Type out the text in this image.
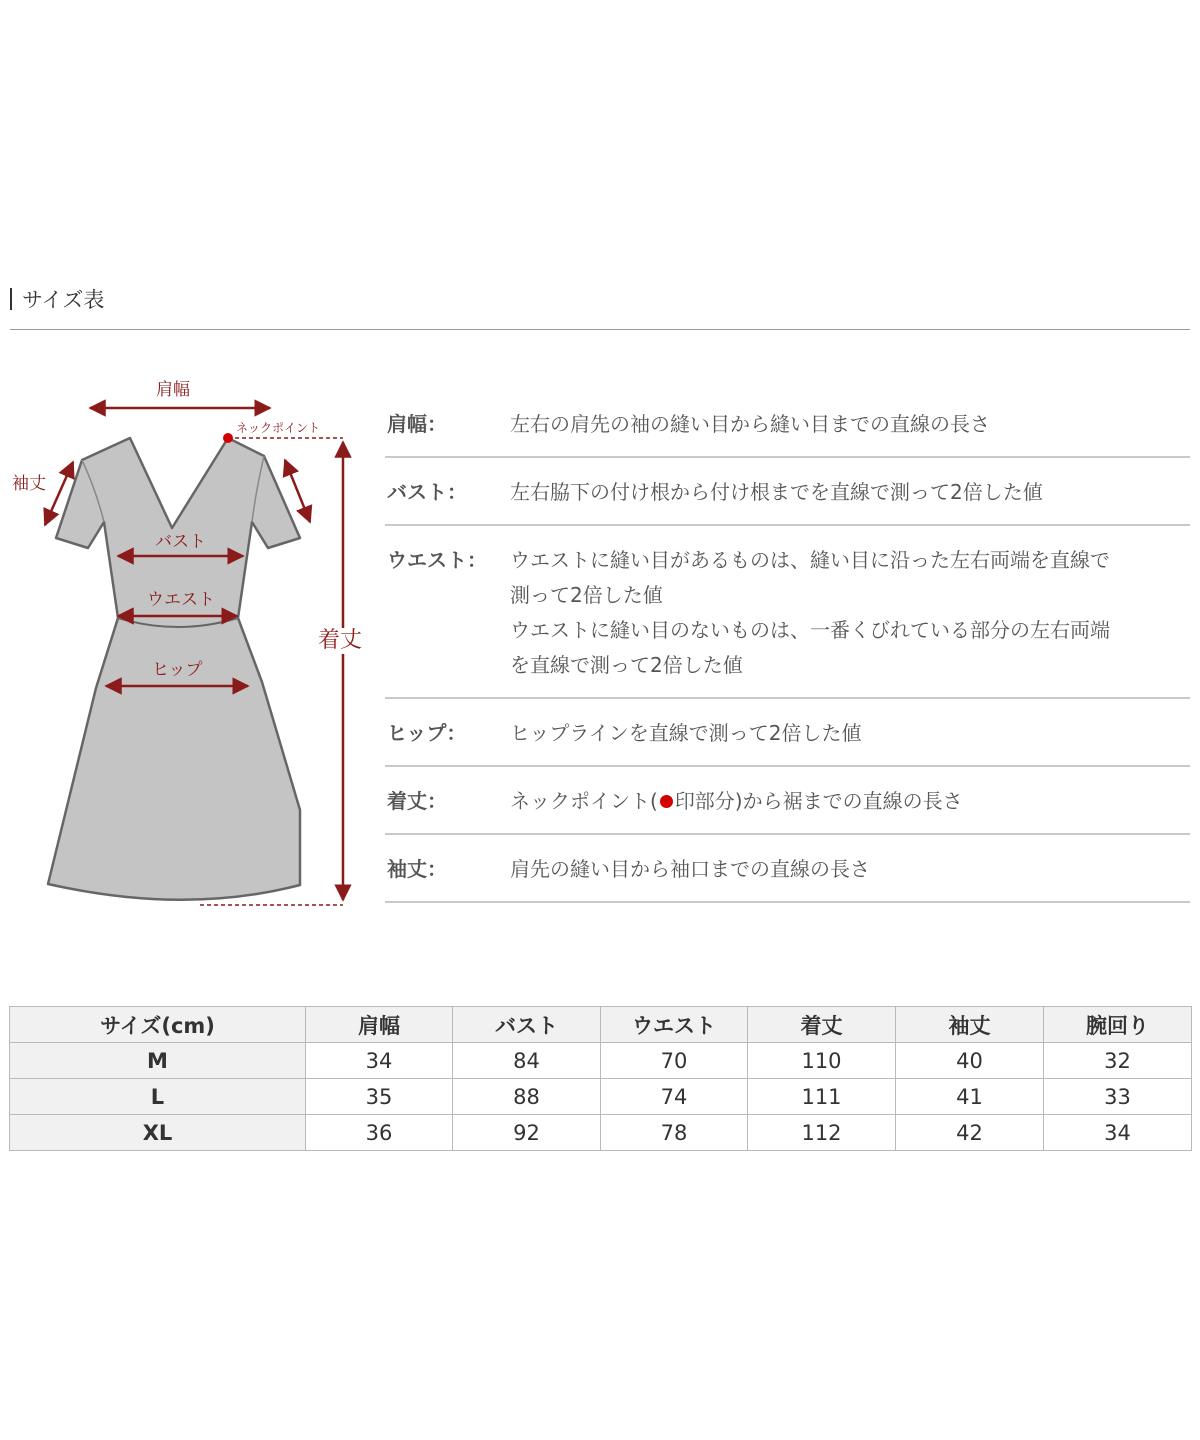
サイズ表
肩幅
ネックポイント
袖丈
バスト
ウエスト
ヒップ
着丈
肩幅：	左右の肩先の袖の縫い目から縫い目までの直線の長さ
バスト：	左右脇下の付け根から付け根までを直線で測って2倍した値
ウエスト：	ウエストに縫い目があるものは、縫い目に沿った左右両端を直線で
測って2倍した値
ウエストに縫い目のないものは、一番くびれている部分の左右両端
を直線で測って2倍した値
ヒップ：	ヒップラインを直線で測って2倍した値
着丈：	ネックポイント( 印部分)から裾までの直線の長さ
袖丈：	肩先の縫い目から袖口までの直線の長さ
サイズ(cm)	肩幅	バスト	ウエスト	着丈	袖丈	腕回り
M	34	84	70	110	40	32
L	35	88	74	111	41	33
XL	36	92	78	112	42	34
